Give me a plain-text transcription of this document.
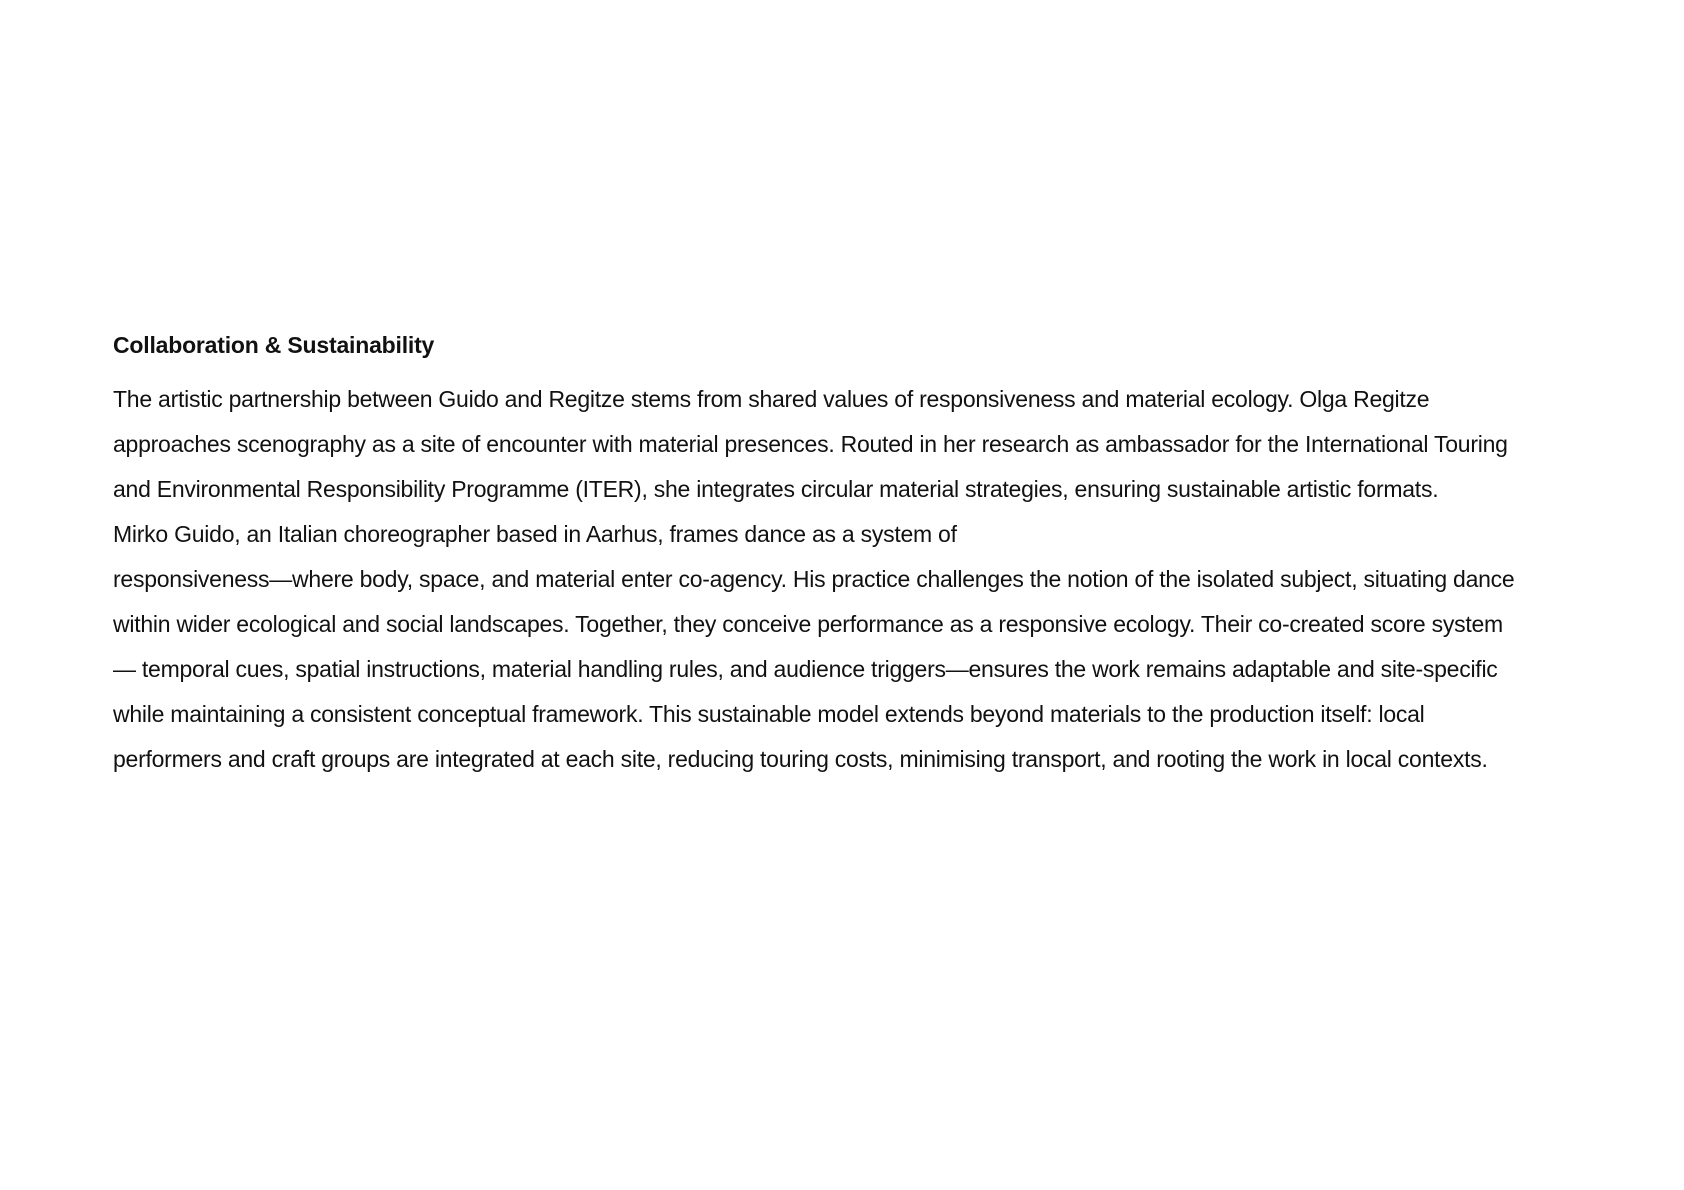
Collaboration & Sustainability
The artistic partnership between Guido and Regitze stems from shared values of responsiveness and material ecology. Olga Regitze
approaches scenography as a site of encounter with material presences. Routed in her research as ambassador for the International Touring
and Environmental Responsibility Programme (ITER), she integrates circular material strategies, ensuring sustainable artistic formats.
Mirko Guido, an Italian choreographer based in Aarhus, frames dance as a system of
responsiveness—where body, space, and material enter co-agency. His practice challenges the notion of the isolated subject, situating dance
within wider ecological and social landscapes. Together, they conceive performance as a responsive ecology. Their co-created score system
— temporal cues, spatial instructions, material handling rules, and audience triggers—ensures the work remains adaptable and site-specific
while maintaining a consistent conceptual framework. This sustainable model extends beyond materials to the production itself: local
performers and craft groups are integrated at each site, reducing touring costs, minimising transport, and rooting the work in local contexts.
